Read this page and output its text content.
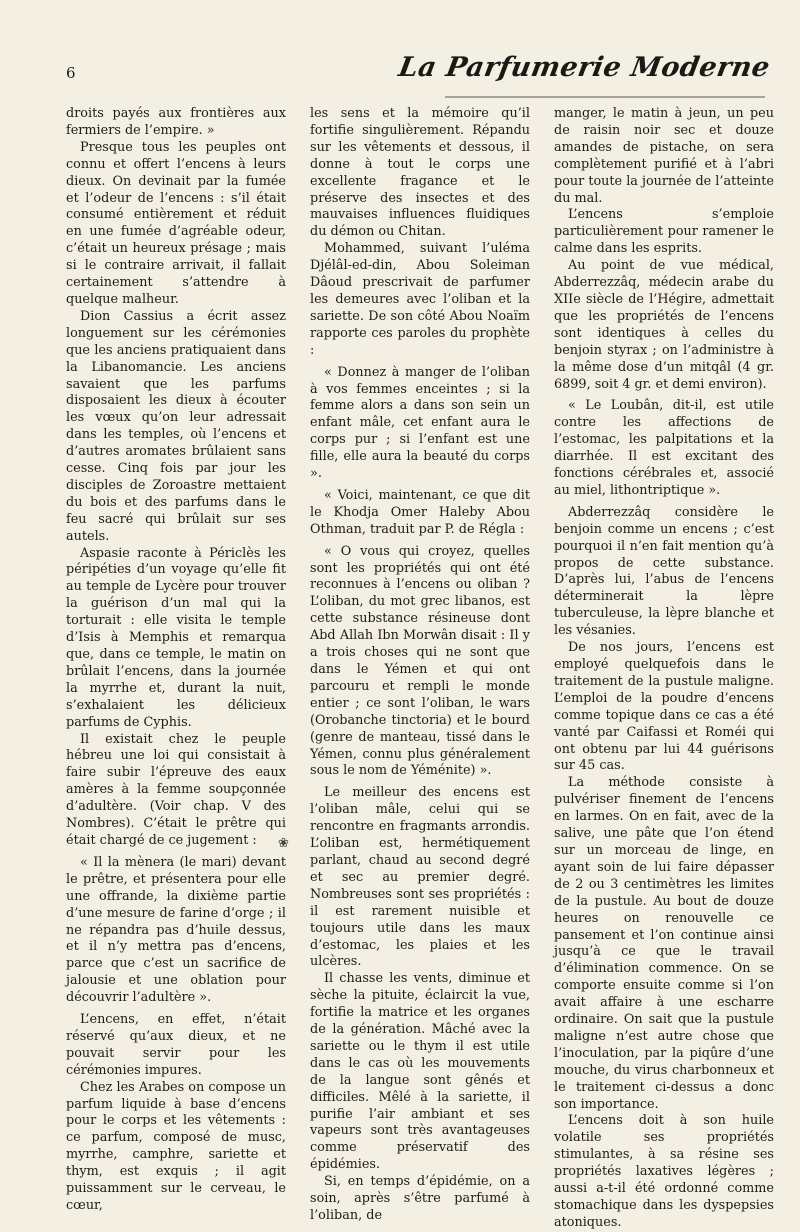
6	La Parfumerie Moderne

droits payés aux frontières aux fermiers de l’empire. »

Presque tous les peuples ont connu et offert l’encens à leurs dieux. On devinait par la fumée et l’odeur de l’encens : s’il était consumé entièrement et réduit en une fumée d’agréable odeur, c’était un heureux présage ; mais si le contraire arrivait, il fallait certainement s’attendre à quelque malheur.

Dion Cassius a écrit assez longuement sur les cérémonies que les anciens pratiquaient dans la Libanomancie. Les anciens savaient que les parfums disposaient les dieux à écouter les vœux qu’on leur adressait dans les temples, où l’encens et d’autres aromates brûlaient sans cesse. Cinq fois par jour les disciples de Zoroastre mettaient du bois et des parfums dans le feu sacré qui brûlait sur ses autels.

Aspasie raconte à Périclès les péripéties d’un voyage qu’elle fit au temple de Lycère pour trouver la guérison d’un mal qui la torturait : elle visita le temple d’Isis à Memphis et remarqua que, dans ce temple, le matin on brûlait l’encens, dans la journée la myrrhe et, durant la nuit, s’exhalaient les délicieux parfums de Cyphis.

Il existait chez le peuple hébreu une loi qui consistait à faire subir l’épreuve des eaux amères à la femme soupçonnée d’adultère. (Voir chap. V des Nombres). C’était le prêtre qui était chargé de ce jugement :

« Il la mènera (le mari) devant le prêtre, et présentera pour elle une offrande, la dixième partie d’une mesure de farine d’orge ; il ne répandra pas d’huile dessus, et il n’y mettra pas d’encens, parce que c’est un sacrifice de jalousie et une oblation pour découvrir l’adultère ».

L’encens, en effet, n’était réservé qu’aux dieux, et ne pouvait servir pour les cérémonies impures.

Chez les Arabes on compose un parfum liquide à base d’encens pour le corps et les vêtements : ce parfum, composé de musc, myrrhe, camphre, sariette et thym, est exquis ; il agit puissamment sur le cerveau, le cœur,

❀

les sens et la mémoire qu’il fortifie singulièrement. Répandu sur les vêtements et dessous, il donne à tout le corps une excellente fragance et le préserve des insectes et des mauvaises influences fluidiques du démon ou Chitan.

Mohammed, suivant l’uléma Djélâl-ed-din, Abou Soleiman Dâoud prescrivait de parfumer les demeures avec l’oliban et la sariette. De son côté Abou Noaïm rapporte ces paroles du prophète :

« Donnez à manger de l’oliban à vos femmes enceintes ; si la femme alors a dans son sein un enfant mâle, cet enfant aura le corps pur ; si l’enfant est une fille, elle aura la beauté du corps ».

« Voici, maintenant, ce que dit le Khodja Omer Haleby Abou Othman, traduit par P. de Régla :

« O vous qui croyez, quelles sont les propriétés qui ont été reconnues à l’encens ou oliban ? L’oliban, du mot grec libanos, est cette substance résineuse dont Abd Allah Ibn Morwân disait : Il y a trois choses qui ne sont que dans le Yémen et qui ont parcouru et rempli le monde entier ; ce sont l’oliban, le wars (Orobanche tinctoria) et le bourd (genre de manteau, tissé dans le Yémen, connu plus généralement sous le nom de Yéménite) ».

Le meilleur des encens est l’oliban mâle, celui qui se rencontre en fragmants arrondis. L’oliban est, hermétiquement parlant, chaud au second degré et sec au premier degré. Nombreuses sont ses propriétés : il est rarement nuisible et toujours utile dans les maux d’estomac, les plaies et les ulcères.

Il chasse les vents, diminue et sèche la pituite, éclaircit la vue, fortifie la matrice et les organes de la génération. Mâché avec la sariette ou le thym il est utile dans le cas où les mouvements de la langue sont gênés et difficiles. Mêlé à la sariette, il purifie l’air ambiant et ses vapeurs sont très avantageuses comme préservatif des épidémies.

Si, en temps d’épidémie, on a soin, après s’être parfumé à l’oliban, de

manger, le matin à jeun, un peu de raisin noir sec et douze amandes de pistache, on sera complètement purifié et à l’abri pour toute la journée de l’atteinte du mal.

L’encens s’emploie particulièrement pour ramener le calme dans les esprits.

Au point de vue médical, Abderrezzâq, médecin arabe du XIIe siècle de l’Hégire, admettait que les propriétés de l’encens sont identiques à celles du benjoin styrax ; on l’administre à la même dose d’un mitqâl (4 gr. 6899, soit 4 gr. et demi environ).

« Le Loubân, dit-il, est utile contre les affections de l’estomac, les palpitations et la diarrhée. Il est excitant des fonctions cérébrales et, associé au miel, lithontriptique ».

Abderrezzâq considère le benjoin comme un encens ; c’est pourquoi il n’en fait mention qu’à propos de cette substance. D’après lui, l’abus de l’encens déterminerait la lèpre tuberculeuse, la lèpre blanche et les vésanies.

De nos jours, l’encens est employé quelquefois dans le traitement de la pustule maligne. L’emploi de la poudre d’encens comme topique dans ce cas a été vanté par Caifassi et Roméi qui ont obtenu par lui 44 guérisons sur 45 cas.

La méthode consiste à pulvériser finement de l’encens en larmes. On en fait, avec de la salive, une pâte que l’on étend sur un morceau de linge, en ayant soin de lui faire dépasser de 2 ou 3 centimètres les limites de la pustule. Au bout de douze heures on renouvelle ce pansement et l’on continue ainsi jusqu’à ce que le travail d’élimination commence. On se comporte ensuite comme si l’on avait affaire à une escharre ordinaire. On sait que la pustule maligne n’est autre chose que l’inoculation, par la piqûre d’une mouche, du virus charbonneux et le traitement ci-dessus a donc son importance.

L’encens doit à son huile volatile ses propriétés stimulantes, à sa résine ses propriétés laxatives légères ; aussi a-t-il été ordonné comme stomachique dans les dyspepsies atoniques.
